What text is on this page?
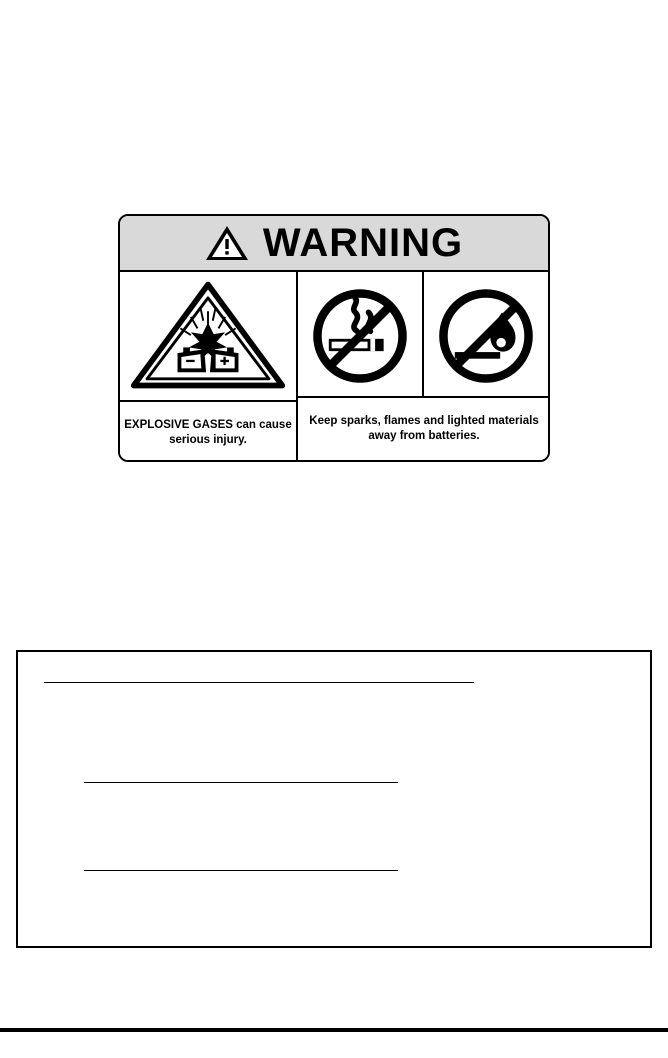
WARNING
EXPLOSIVE GASES can cause serious injury.
Keep sparks, flames and lighted materials away from batteries.
